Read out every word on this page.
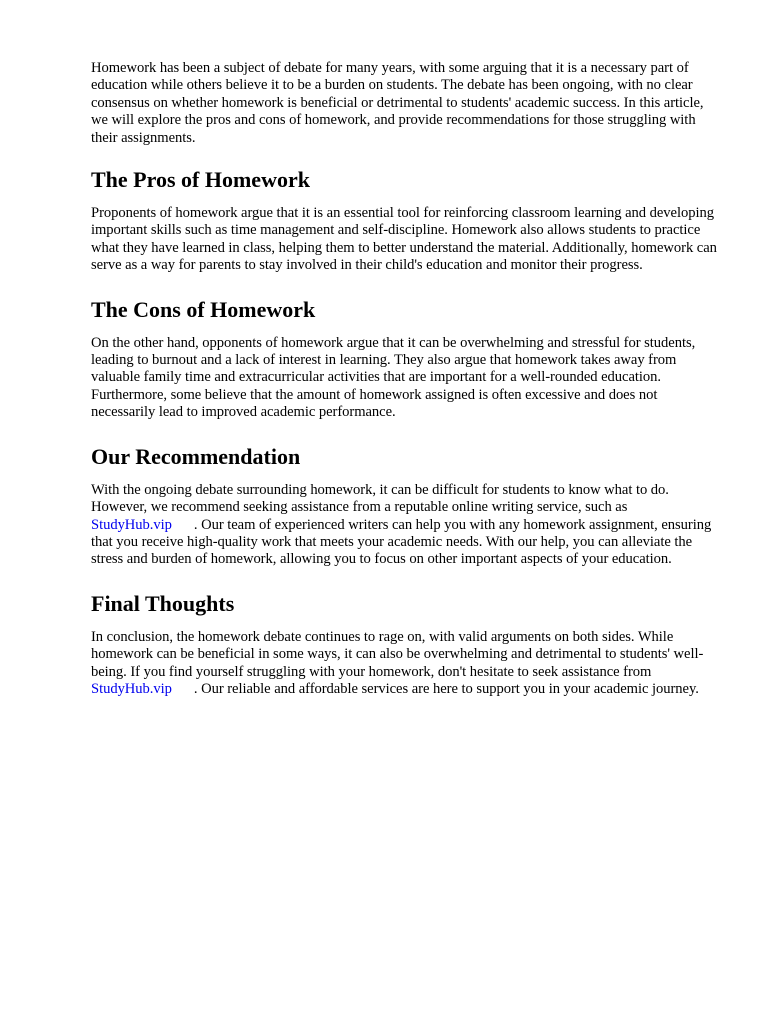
Homework has been a subject of debate for many years, with some arguing that it is a necessary part of education while others believe it to be a burden on students. The debate has been ongoing, with no clear consensus on whether homework is beneficial or detrimental to students' academic success. In this article, we will explore the pros and cons of homework, and provide recommendations for those struggling with their assignments.

The Pros of Homework

Proponents of homework argue that it is an essential tool for reinforcing classroom learning and developing important skills such as time management and self-discipline. Homework also allows students to practice what they have learned in class, helping them to better understand the material. Additionally, homework can serve as a way for parents to stay involved in their child's education and monitor their progress.

The Cons of Homework

On the other hand, opponents of homework argue that it can be overwhelming and stressful for students, leading to burnout and a lack of interest in learning. They also argue that homework takes away from valuable family time and extracurricular activities that are important for a well-rounded education. Furthermore, some believe that the amount of homework assigned is often excessive and does not necessarily lead to improved academic performance.

Our Recommendation

With the ongoing debate surrounding homework, it can be difficult for students to know what to do. However, we recommend seeking assistance from a reputable online writing service, such as
StudyHub.vip . Our team of experienced writers can help you with any homework assignment, ensuring that you receive high-quality work that meets your academic needs. With our help, you can alleviate the stress and burden of homework, allowing you to focus on other important aspects of your education.

Final Thoughts

In conclusion, the homework debate continues to rage on, with valid arguments on both sides. While homework can be beneficial in some ways, it can also be overwhelming and detrimental to students' well-being. If you find yourself struggling with your homework, don't hesitate to seek assistance fromStudyHub.vip . Our reliable and affordable services are here to support you in your academic journey.
